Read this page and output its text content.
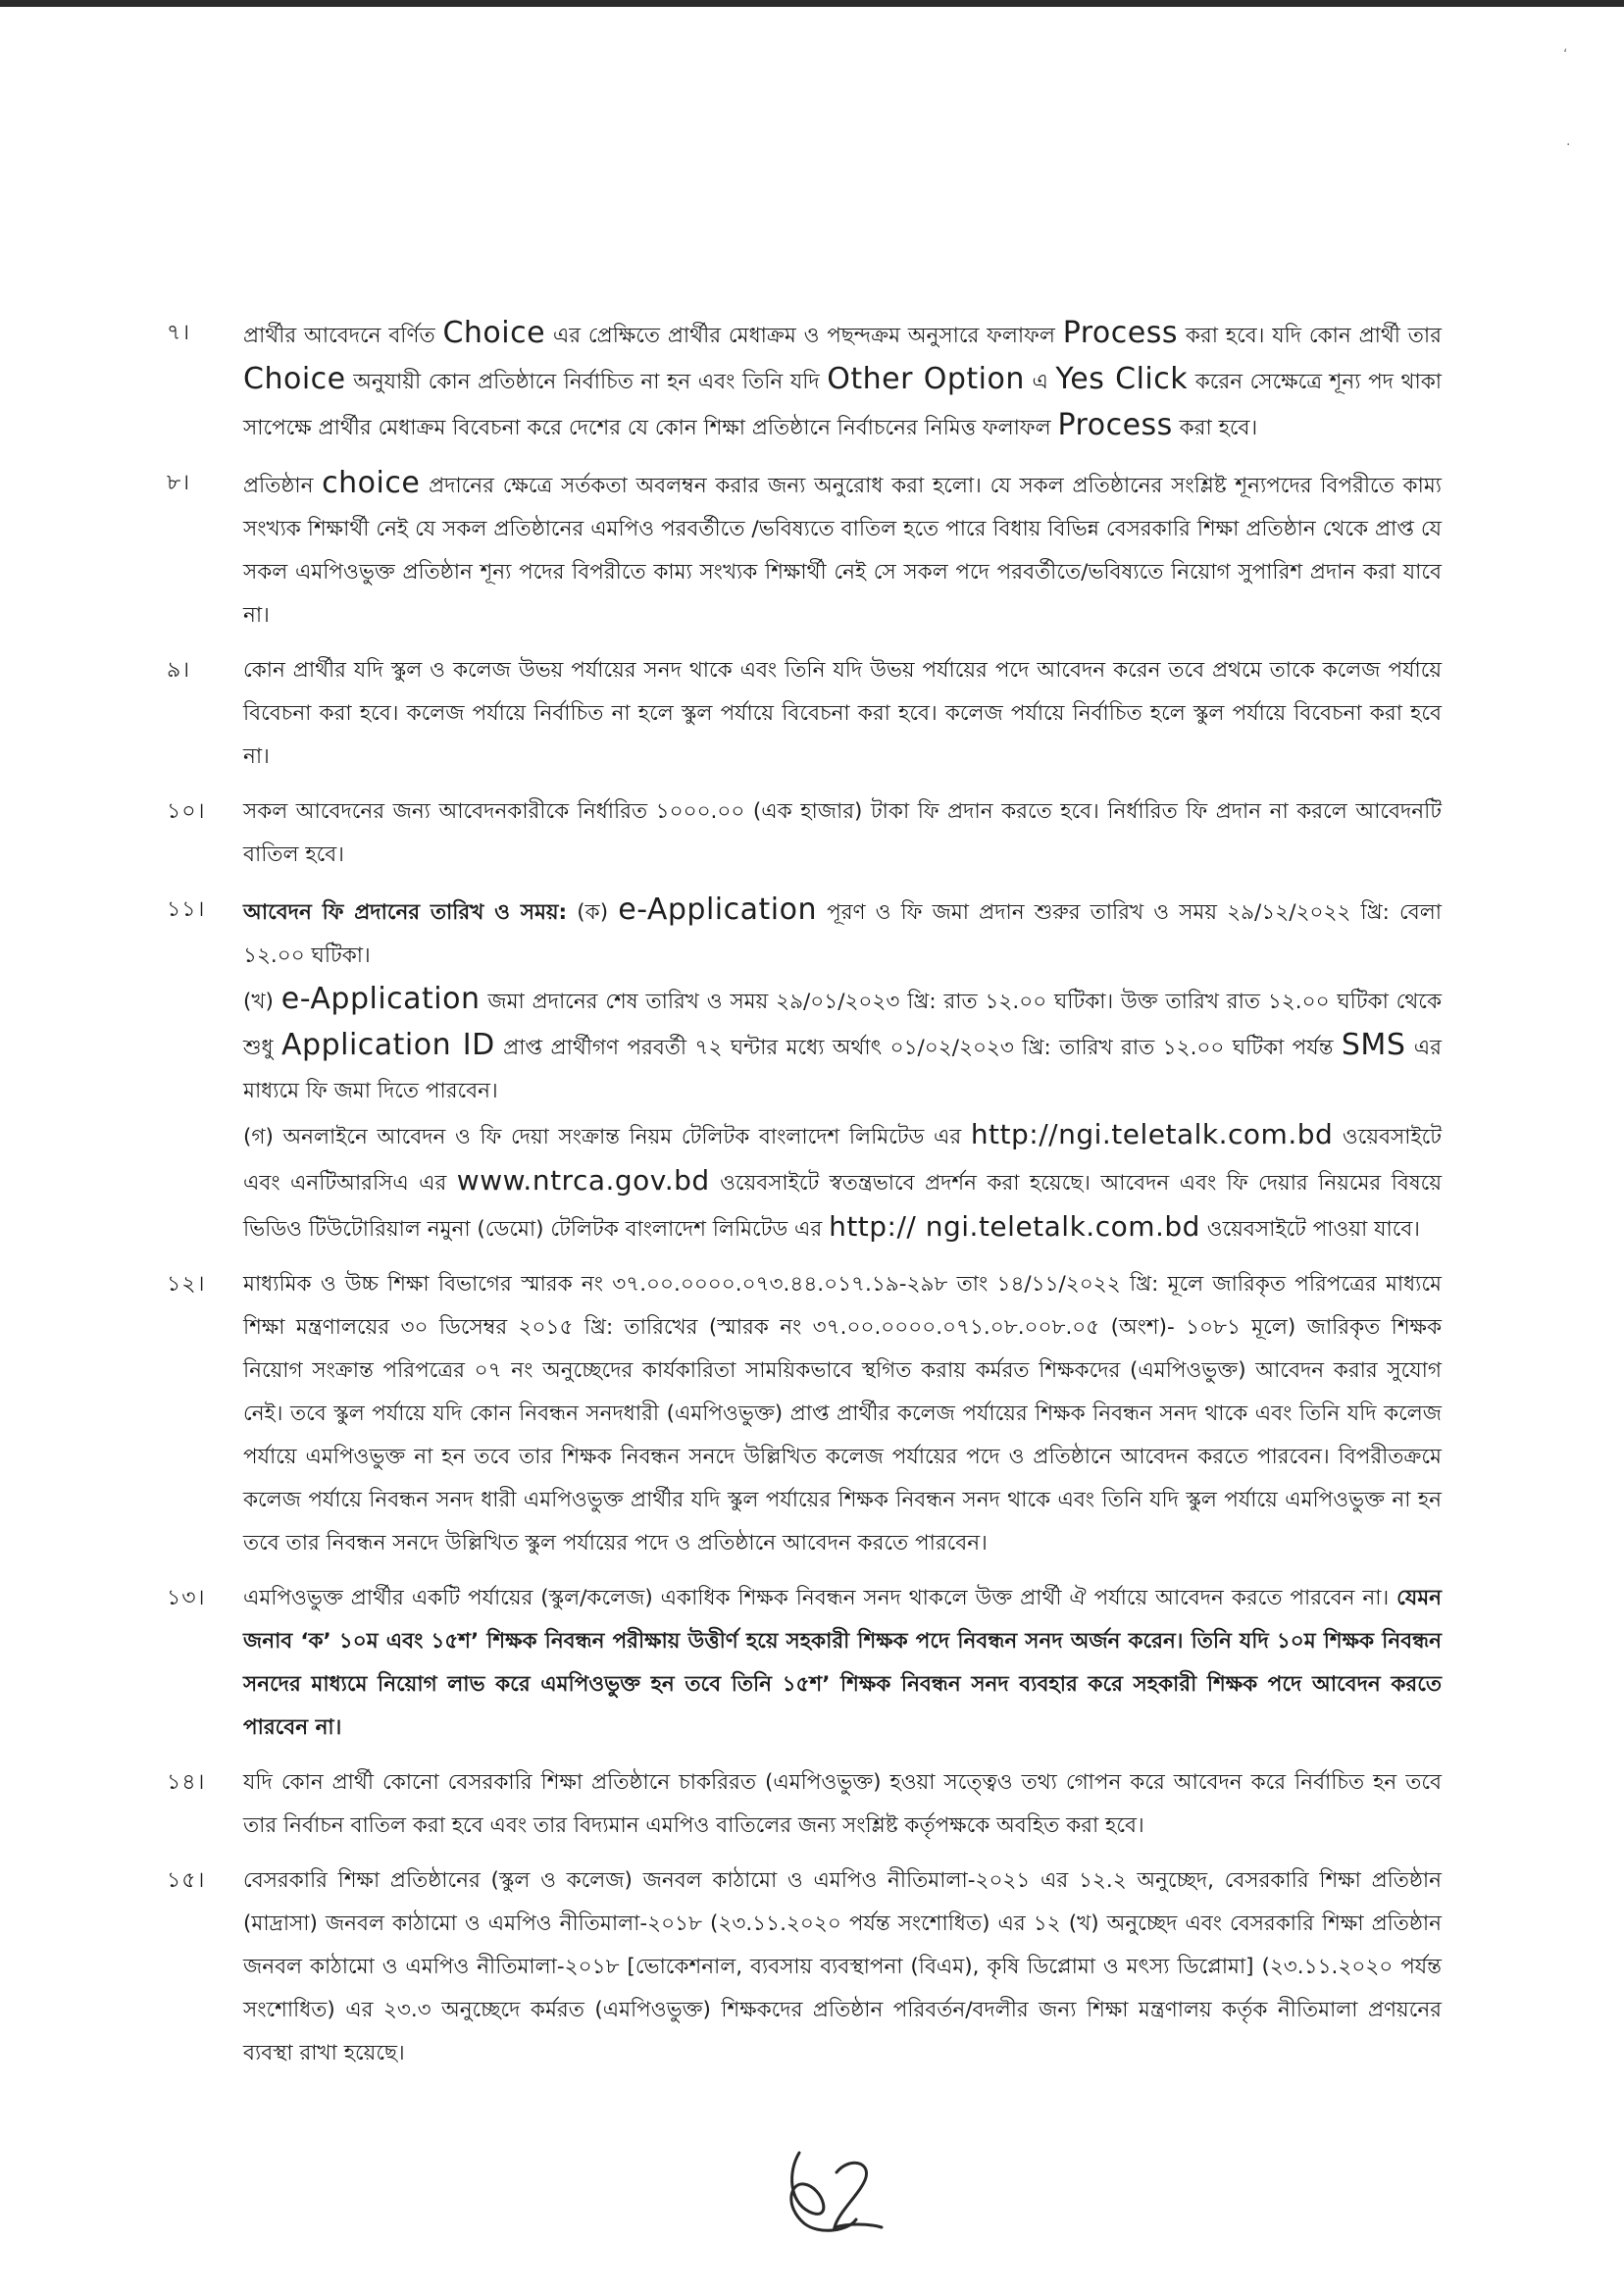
‘
·
৭।	প্রার্থীর আবেদনে বর্ণিত Choice এর প্রেক্ষিতে প্রার্থীর মেধাক্রম ও পছন্দক্রম অনুসারে ফলাফল Process করা হবে। যদি কোন প্রার্থী তার Choice অনুযায়ী কোন প্রতিষ্ঠানে নির্বাচিত না হন এবং তিনি যদি Other Option এ Yes Click করেন সেক্ষেত্রে শূন্য পদ থাকা সাপেক্ষে প্রার্থীর মেধাক্রম বিবেচনা করে দেশের যে কোন শিক্ষা প্রতিষ্ঠানে নির্বাচনের নিমিত্ত ফলাফল Process করা হবে।
৮।	প্রতিষ্ঠান choice প্রদানের ক্ষেত্রে সর্তকতা অবলম্বন করার জন্য অনুরোধ করা হলো। যে সকল প্রতিষ্ঠানের সংশ্লিষ্ট শূন্যপদের বিপরীতে কাম্য সংখ্যক শিক্ষার্থী নেই যে সকল প্রতিষ্ঠানের এমপিও পরবর্তীতে /ভবিষ্যতে বাতিল হতে পারে বিধায় বিভিন্ন বেসরকারি শিক্ষা প্রতিষ্ঠান থেকে প্রাপ্ত যে সকল এমপিওভুক্ত প্রতিষ্ঠান শূন্য পদের বিপরীতে কাম্য সংখ্যক শিক্ষার্থী নেই সে সকল পদে পরবর্তীতে/ভবিষ্যতে নিয়োগ সুপারিশ প্রদান করা যাবে না।
৯।	কোন প্রার্থীর যদি স্কুল ও কলেজ উভয় পর্যায়ের সনদ থাকে এবং তিনি যদি উভয় পর্যায়ের পদে আবেদন করেন তবে প্রথমে তাকে কলেজ পর্যায়ে বিবেচনা করা হবে। কলেজ পর্যায়ে নির্বাচিত না হলে স্কুল পর্যায়ে বিবেচনা করা হবে। কলেজ পর্যায়ে নির্বাচিত হলে স্কুল পর্যায়ে বিবেচনা করা হবে না।
১০।	সকল আবেদনের জন্য আবেদনকারীকে নির্ধারিত ১০০০.০০ (এক হাজার) টাকা ফি প্রদান করতে হবে। নির্ধারিত ফি প্রদান না করলে আবেদনটি বাতিল হবে।
১১।	আবেদন ফি প্রদানের তারিখ ও সময়: (ক) e-Application পূরণ ও ফি জমা প্রদান শুরুর তারিখ ও সময় ২৯/১২/২০২২ খ্রি: বেলা ১২.০০ ঘটিকা।

(খ) e-Application জমা প্রদানের শেষ তারিখ ও সময় ২৯/০১/২০২৩ খ্রি: রাত ১২.০০ ঘটিকা। উক্ত তারিখ রাত ১২.০০ ঘটিকা থেকে শুধু Application ID প্রাপ্ত প্রার্থীগণ পরবর্তী ৭২ ঘন্টার মধ্যে অর্থাৎ ০১/০২/২০২৩ খ্রি: তারিখ রাত ১২.০০ ঘটিকা পর্যন্ত SMS এর মাধ্যমে ফি জমা দিতে পারবেন।

(গ) অনলাইনে আবেদন ও ফি দেয়া সংক্রান্ত নিয়ম টেলিটক বাংলাদেশ লিমিটেড এর http://ngi.teletalk.com.bd ওয়েবসাইটে এবং এনটিআরসিএ এর www.ntrca.gov.bd ওয়েবসাইটে স্বতন্ত্রভাবে প্রদর্শন করা হয়েছে। আবেদন এবং ফি দেয়ার নিয়মের বিষয়ে ভিডিও টিউটোরিয়াল নমুনা (ডেমো) টেলিটক বাংলাদেশ লিমিটেড এর http:// ngi.teletalk.com.bd ওয়েবসাইটে পাওয়া যাবে।

১২।	মাধ্যমিক ও উচ্চ শিক্ষা বিভাগের স্মারক নং ৩৭.০০.০০০০.০৭৩.৪৪.০১৭.১৯-২৯৮ তাং ১৪/১১/২০২২ খ্রি: মূলে জারিকৃত পরিপত্রের মাধ্যমে শিক্ষা মন্ত্রণালয়ের ৩০ ডিসেম্বর ২০১৫ খ্রি: তারিখের (স্মারক নং ৩৭.০০.০০০০.০৭১.০৮.০০৮.০৫ (অংশ)- ১০৮১ মূলে) জারিকৃত শিক্ষক নিয়োগ সংক্রান্ত পরিপত্রের ০৭ নং অনুচ্ছেদের কার্যকারিতা সাময়িকভাবে স্থগিত করায় কর্মরত শিক্ষকদের (এমপিওভুক্ত) আবেদন করার সুযোগ নেই। তবে স্কুল পর্যায়ে যদি কোন নিবন্ধন সনদধারী (এমপিওভুক্ত) প্রাপ্ত প্রার্থীর কলেজ পর্যায়ের শিক্ষক নিবন্ধন সনদ থাকে এবং তিনি যদি কলেজ পর্যায়ে এমপিওভুক্ত না হন তবে তার শিক্ষক নিবন্ধন সনদে উল্লিখিত কলেজ পর্যায়ের পদে ও প্রতিষ্ঠানে আবেদন করতে পারবেন। বিপরীতক্রমে কলেজ পর্যায়ে নিবন্ধন সনদ ধারী এমপিওভুক্ত প্রার্থীর যদি স্কুল পর্যায়ের শিক্ষক নিবন্ধন সনদ থাকে এবং তিনি যদি স্কুল পর্যায়ে এমপিওভুক্ত না হন তবে তার নিবন্ধন সনদে উল্লিখিত স্কুল পর্যায়ের পদে ও প্রতিষ্ঠানে আবেদন করতে পারবেন।
১৩।	এমপিওভুক্ত প্রার্থীর একটি পর্যায়ের (স্কুল/কলেজ) একাধিক শিক্ষক নিবন্ধন সনদ থাকলে উক্ত প্রার্থী ঐ পর্যায়ে আবেদন করতে পারবেন না। যেমন জনাব ‘ক’ ১০ম এবং ১৫শ’ শিক্ষক নিবন্ধন পরীক্ষায় উত্তীর্ণ হয়ে সহকারী শিক্ষক পদে নিবন্ধন সনদ অর্জন করেন। তিনি যদি ১০ম শিক্ষক নিবন্ধন সনদের মাধ্যমে নিয়োগ লাভ করে এমপিওভুক্ত হন তবে তিনি ১৫শ’ শিক্ষক নিবন্ধন সনদ ব্যবহার করে সহকারী শিক্ষক পদে আবেদন করতে পারবেন না।
১৪।	যদি কোন প্রার্থী কোনো বেসরকারি শিক্ষা প্রতিষ্ঠানে চাকরিরত (এমপিওভুক্ত) হওয়া সত্ত্বেও তথ্য গোপন করে আবেদন করে নির্বাচিত হন তবে তার নির্বাচন বাতিল করা হবে এবং তার বিদ্যমান এমপিও বাতিলের জন্য সংশ্লিষ্ট কর্তৃপক্ষকে অবহিত করা হবে।
১৫।	বেসরকারি শিক্ষা প্রতিষ্ঠানের (স্কুল ও কলেজ) জনবল কাঠামো ও এমপিও নীতিমালা-২০২১ এর ১২.২ অনুচ্ছেদ, বেসরকারি শিক্ষা প্রতিষ্ঠান (মাদ্রাসা) জনবল কাঠামো ও এমপিও নীতিমালা-২০১৮ (২৩.১১.২০২০ পর্যন্ত সংশোধিত) এর ১২ (খ) অনুচ্ছেদ এবং বেসরকারি শিক্ষা প্রতিষ্ঠান জনবল কাঠামো ও এমপিও নীতিমালা-২০১৮ [ভোকেশনাল, ব্যবসায় ব্যবস্থাপনা (বিএম), কৃষি ডিপ্লোমা ও মৎস্য ডিপ্লোমা] (২৩.১১.২০২০ পর্যন্ত সংশোধিত) এর ২৩.৩ অনুচ্ছেদে কর্মরত (এমপিওভুক্ত) শিক্ষকদের প্রতিষ্ঠান পরিবর্তন/বদলীর জন্য শিক্ষা মন্ত্রণালয় কর্তৃক নীতিমালা প্রণয়নের ব্যবস্থা রাখা হয়েছে।
